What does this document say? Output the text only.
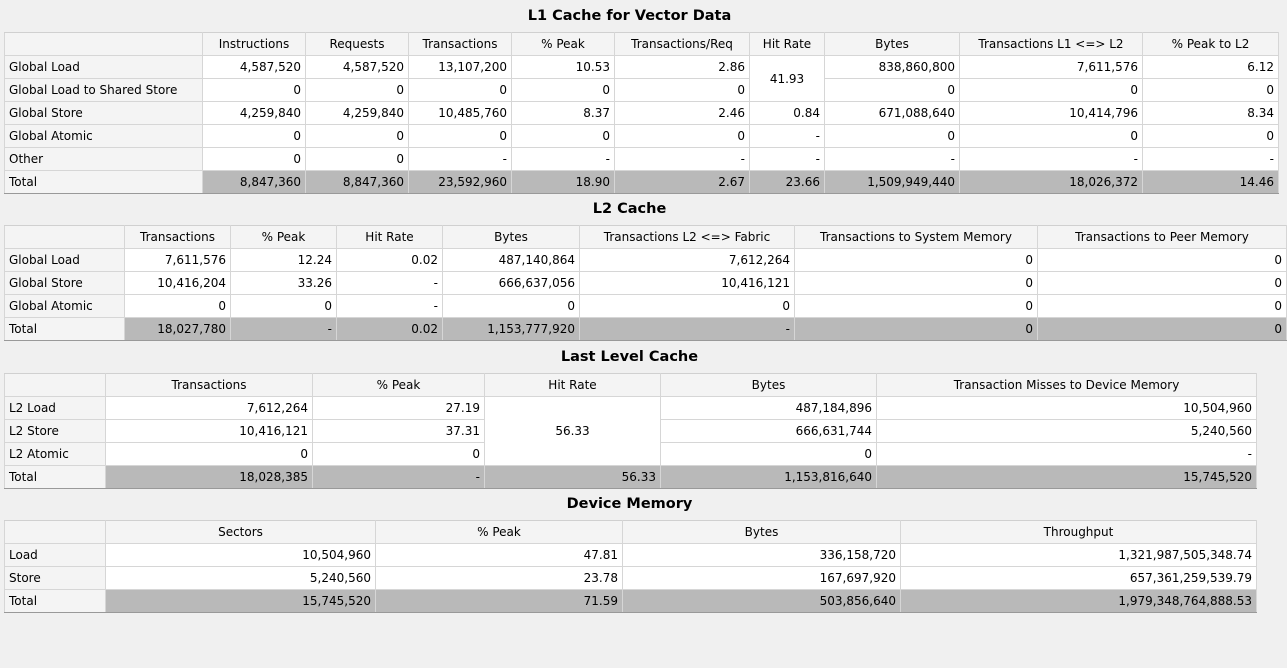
L1 Cache for Vector Data
	Instructions	Requests	Transactions	% Peak	Transactions/Req	Hit Rate	Bytes	Transactions L1 <=> L2	% Peak to L2
Global Load	4,587,520	4,587,520	13,107,200	10.53	2.86	41.93	838,860,800	7,611,576	6.12
Global Load to Shared Store	0	0	0	0	0		0	0	0
Global Store	4,259,840	4,259,840	10,485,760	8.37	2.46	0.84	671,088,640	10,414,796	8.34
Global Atomic	0	0	0	0	0	-	0	0	0
Other	0	0	-	-	-	-	-	-	-
Total	8,847,360	8,847,360	23,592,960	18.90	2.67	23.66	1,509,949,440	18,026,372	14.46
L2 Cache
	Transactions	% Peak	Hit Rate	Bytes	Transactions L2 <=> Fabric	Transactions to System Memory	Transactions to Peer Memory
Global Load	7,611,576	12.24	0.02	487,140,864	7,612,264	0	0
Global Store	10,416,204	33.26	-	666,637,056	10,416,121	0	0
Global Atomic	0	0	-	0	0	0	0
Total	18,027,780	-	0.02	1,153,777,920	-	0	0
Last Level Cache
	Transactions	% Peak	Hit Rate	Bytes	Transaction Misses to Device Memory
L2 Load	7,612,264	27.19	56.33	487,184,896	10,504,960
L2 Store	10,416,121	37.31		666,631,744	5,240,560
L2 Atomic	0	0		0	-
Total	18,028,385	-	56.33	1,153,816,640	15,745,520
Device Memory
	Sectors	% Peak	Bytes	Throughput
Load	10,504,960	47.81	336,158,720	1,321,987,505,348.74
Store	5,240,560	23.78	167,697,920	657,361,259,539.79
Total	15,745,520	71.59	503,856,640	1,979,348,764,888.53
